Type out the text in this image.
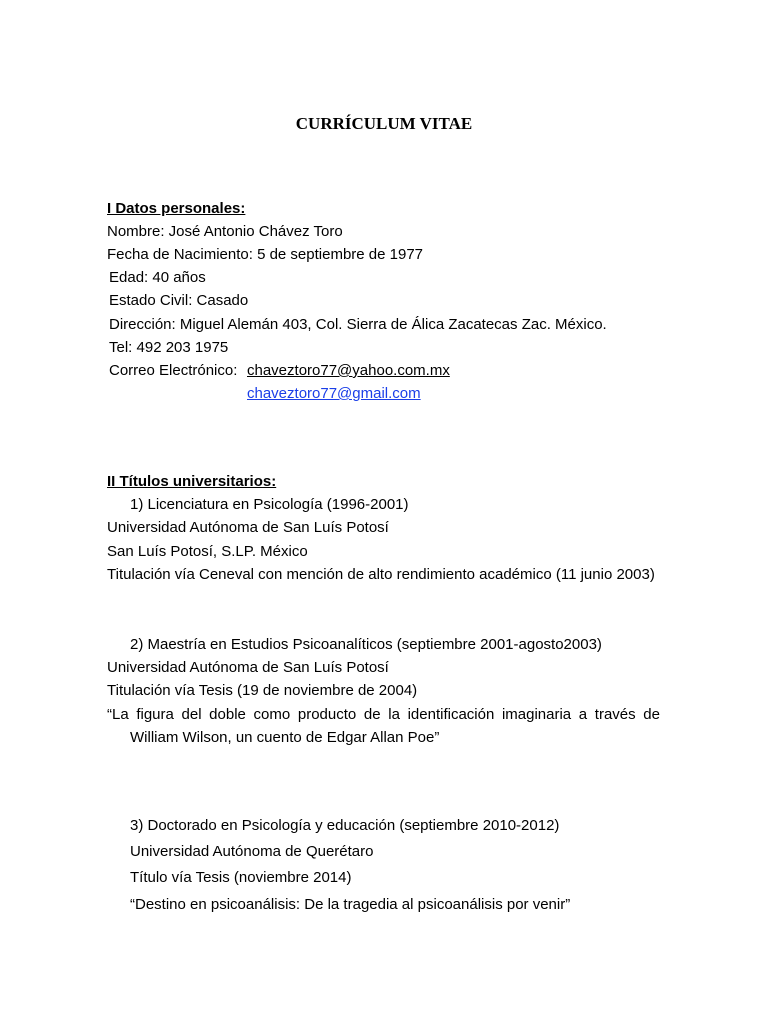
CURRÍCULUM VITAE
I Datos personales:
Nombre: José Antonio Chávez Toro
Fecha de Nacimiento: 5 de septiembre de 1977
Edad: 40 años
Estado Civil: Casado
Dirección: Miguel Alemán 403, Col. Sierra de Álica Zacatecas Zac. México.
Tel: 492 203 1975
Correo Electrónico: chaveztoro77@yahoo.com.mx
chaveztoro77@gmail.com
II Títulos universitarios:
1) Licenciatura en Psicología (1996-2001)
Universidad Autónoma de San Luís Potosí
San Luís Potosí, S.LP. México
Titulación vía Ceneval con mención de alto rendimiento académico (11 junio 2003)
2) Maestría en Estudios Psicoanalíticos (septiembre 2001-agosto2003)
Universidad Autónoma de San Luís Potosí
Titulación vía Tesis (19 de noviembre de 2004)
“La figura del doble como producto de la identificación imaginaria a través de
William Wilson, un cuento de Edgar Allan Poe”
3) Doctorado en Psicología y educación (septiembre 2010-2012)
Universidad Autónoma de Querétaro
Título vía Tesis (noviembre 2014)
“Destino en psicoanálisis: De la tragedia al psicoanálisis por venir”
